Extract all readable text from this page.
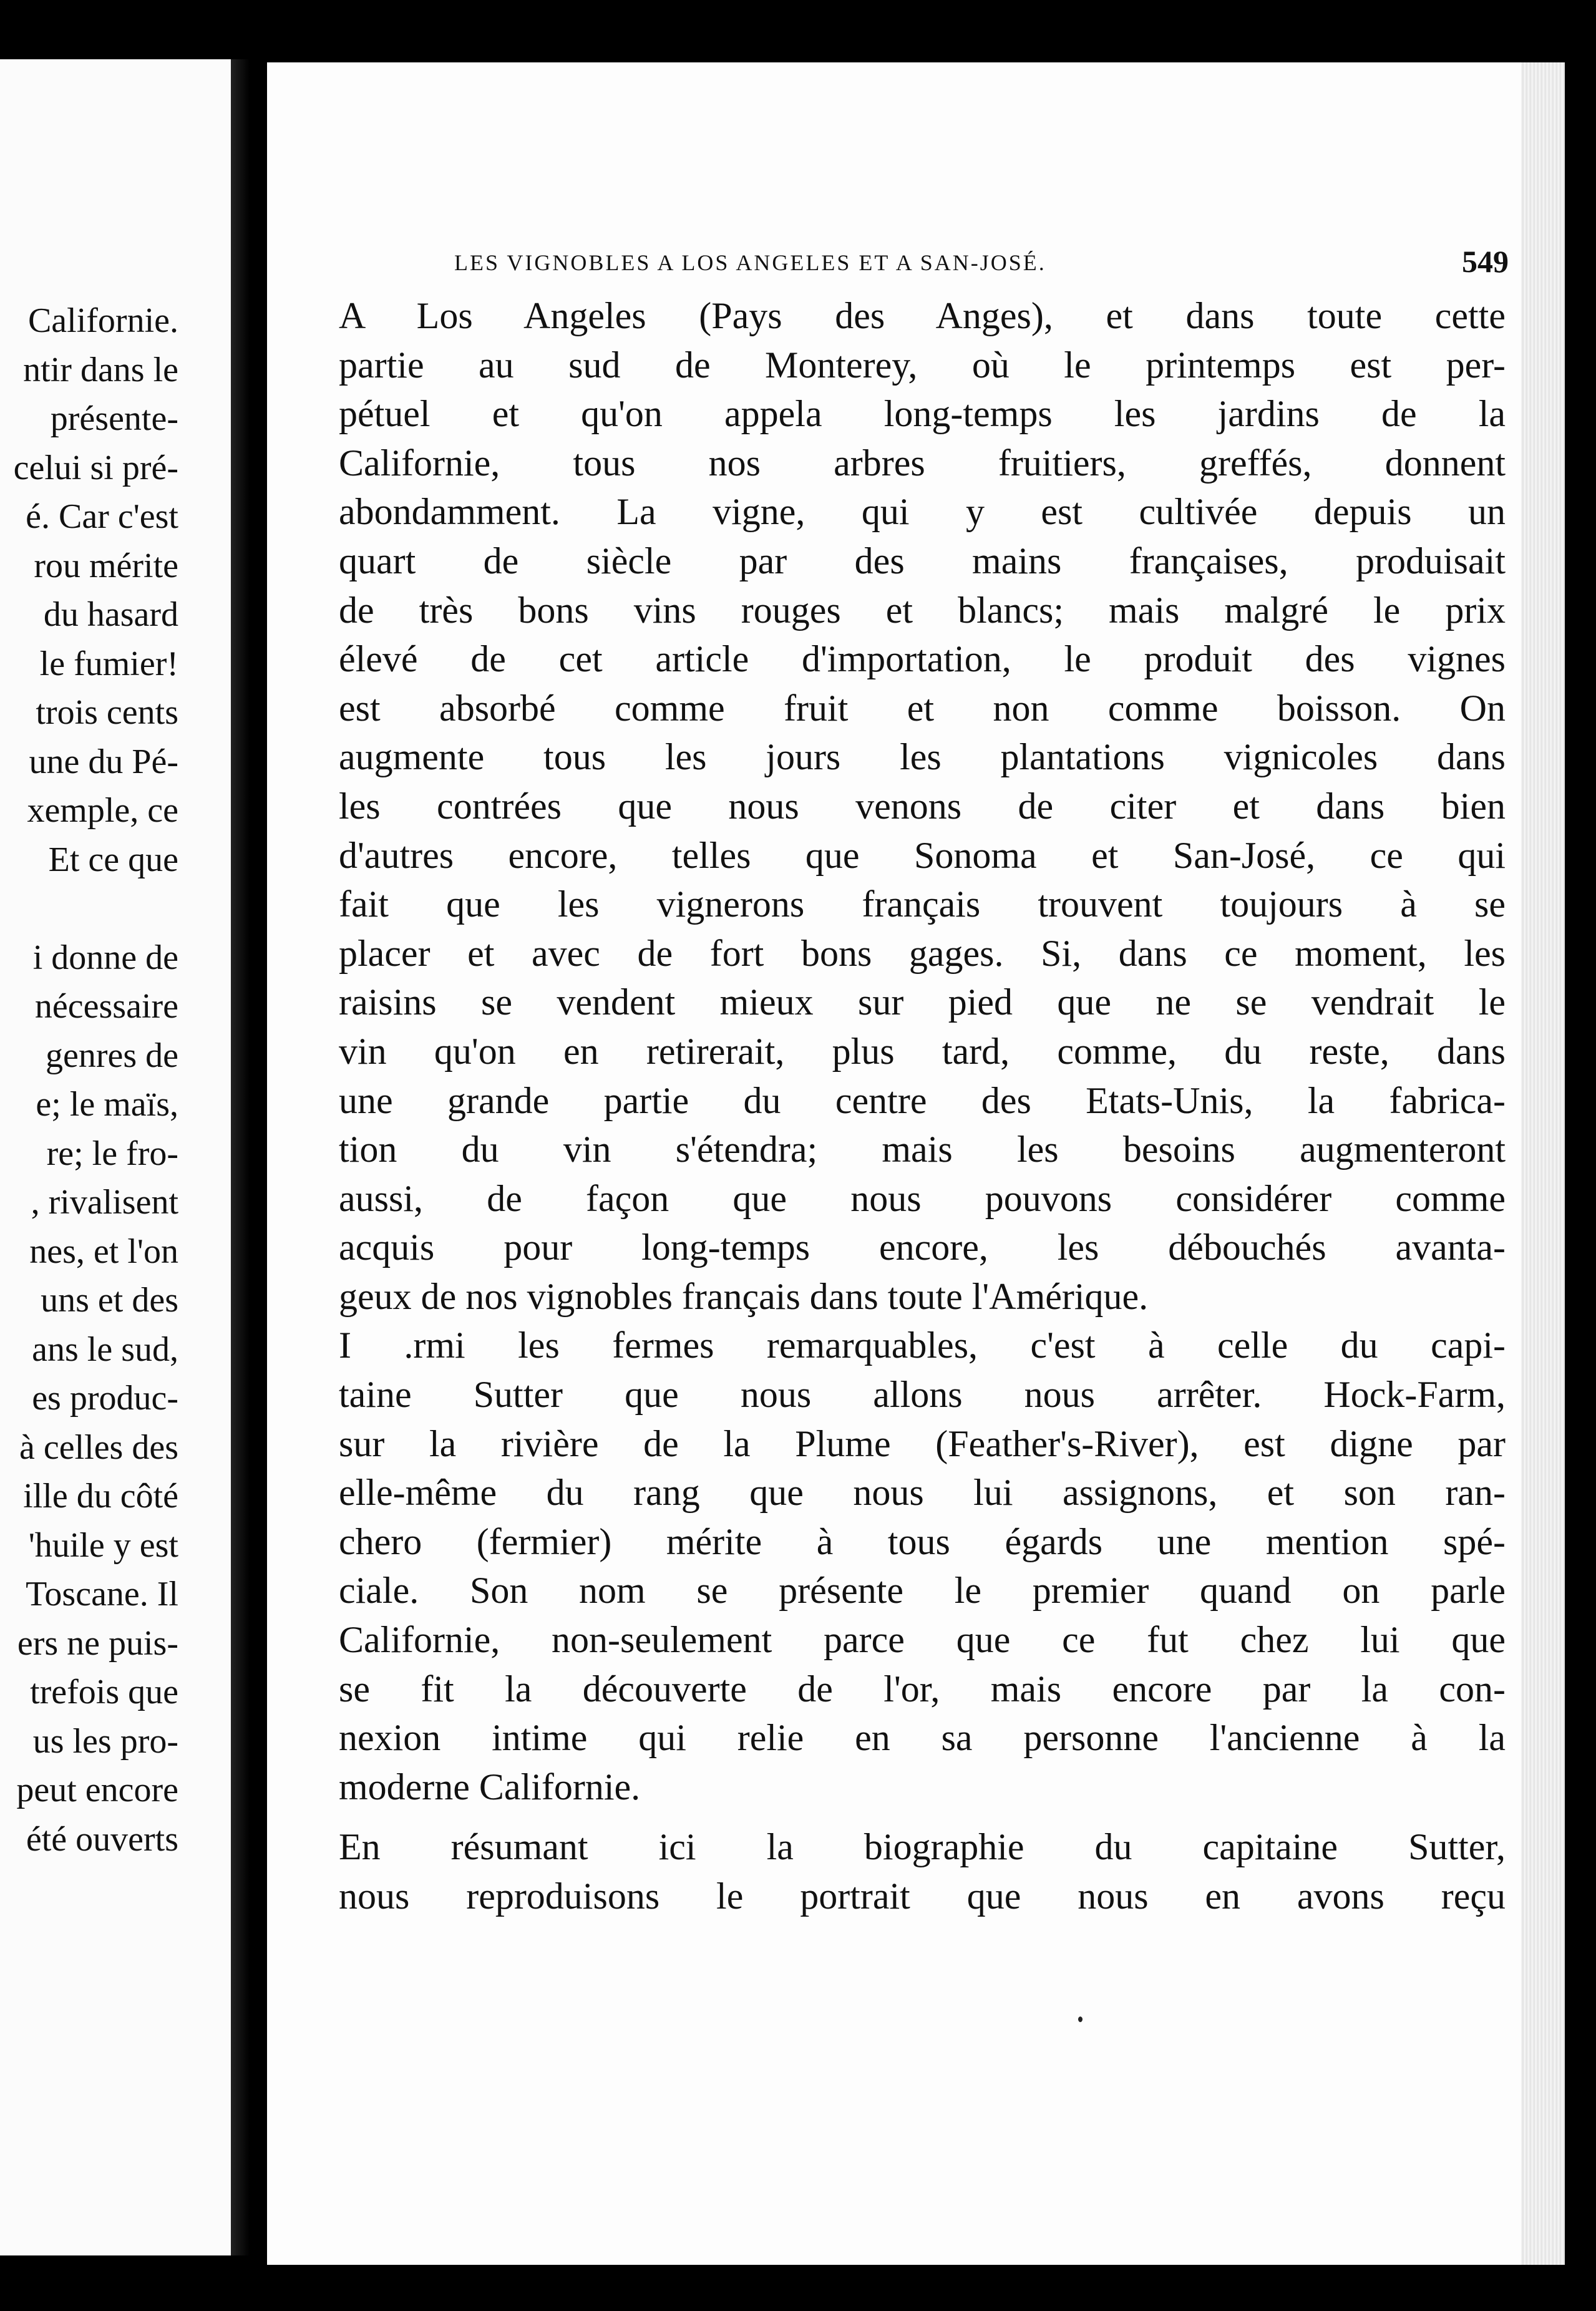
Californie.
ntir dans le
présente-
celui si pré-
é. Car c'est
rou mérite
du hasard
le fumier!
trois cents
une du Pé-
xemple, ce
Et ce que
i donne de
nécessaire
genres de
e; le maïs,
re; le fro-
, rivalisent
nes, et l'on
uns et des
ans le sud,
es produc-
à celles des
ille du côté
'huile y est
Toscane. Il
ers ne puis-
trefois que
us les pro-
peut encore
été ouverts
LES VIGNOBLES A LOS ANGELES ET A SAN-JOSÉ.	549
A Los Angeles (Pays des Anges), et dans toute cette
partie au sud de Monterey, où le printemps est per-
pétuel et qu'on appela long-temps les jardins de la
Californie, tous nos arbres fruitiers, greffés, donnent
abondamment. La vigne, qui y est cultivée depuis un
quart de siècle par des mains françaises, produisait
de très bons vins rouges et blancs; mais malgré le prix
élevé de cet article d'importation, le produit des vignes
est absorbé comme fruit et non comme boisson. On
augmente tous les jours les plantations vignicoles dans
les contrées que nous venons de citer et dans bien
d'autres encore, telles que Sonoma et San-José, ce qui
fait que les vignerons français trouvent toujours à se
placer et avec de fort bons gages. Si, dans ce moment, les
raisins se vendent mieux sur pied que ne se vendrait le
vin qu'on en retirerait, plus tard, comme, du reste, dans
une grande partie du centre des Etats-Unis, la fabrica-
tion du vin s'étendra; mais les besoins augmenteront
aussi, de façon que nous pouvons considérer comme
acquis pour long-temps encore, les débouchés avanta-
geux de nos vignobles français dans toute l'Amérique.
I .rmi les fermes remarquables, c'est à celle du capi-
taine Sutter que nous allons nous arrêter. Hock-Farm,
sur la rivière de la Plume (Feather's-River), est digne par
elle-même du rang que nous lui assignons, et son ran-
chero (fermier) mérite à tous égards une mention spé-
ciale. Son nom se présente le premier quand on parle
Californie, non-seulement parce que ce fut chez lui que
se fit la découverte de l'or, mais encore par la con-
nexion intime qui relie en sa personne l'ancienne à la
moderne Californie.
En résumant ici la biographie du capitaine Sutter,
nous reproduisons le portrait que nous en avons reçu
